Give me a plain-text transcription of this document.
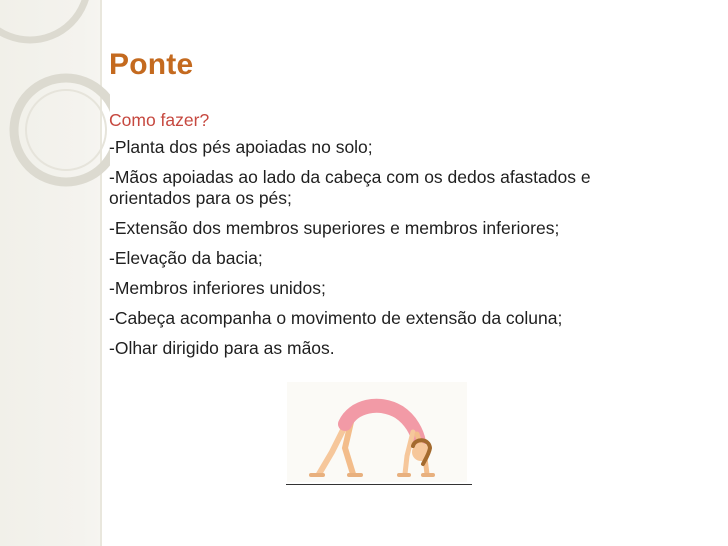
Ponte
Como fazer?
-Planta dos pés apoiadas no solo;
-Mãos apoiadas ao lado da cabeça com os dedos afastados e orientados para os pés;
-Extensão dos membros superiores e membros inferiores;
-Elevação da bacia;
-Membros inferiores unidos;
-Cabeça acompanha o movimento de extensão da coluna;
-Olhar dirigido para as mãos.
